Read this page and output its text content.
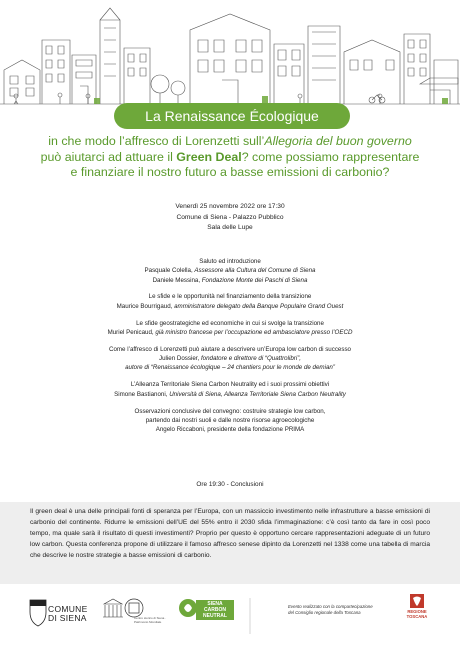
La Renaissance Écologique
in che modo l’affresco di Lorenzetti sull’Allegoria del buon governo
può aiutarci ad attuare il Green Deal? come possiamo rappresentare
e finanziare il nostro futuro a basse emissioni di carbonio?
Venerdì 25 novembre 2022 ore 17:30
Comune di Siena - Palazzo Pubblico
Sala delle Lupe
Saluto ed introduzione
Pasquale Colella, Assessore alla Cultura del Comune di Siena
Daniele Messina, Fondazione Monte dei Paschi di Siena
Le sfide e le opportunità nel finanziamento della transizione
Maurice Bourrigaud, amministratore delegato della Banque Populaire Grand Ouest
Le sfide geostrategiche ed economiche in cui si svolge la transizione
Muriel Penicaud, già ministro francese per l’occupazione ed ambasciatore presso l’OECD
Come l’affresco di Lorenzetti può aiutare a descrivere un’Europa low carbon di successo
Julien Dossier, fondatore e direttore di “Quattrolibri”,
autore di “Renaissance écologique – 24 chantiers pour le monde de demian”
L’Alleanza Territoriale Siena Carbon Neutrality ed i suoi prossimi obiettivi
Simone Bastianoni, Università di Siena, Alleanza Territoriale Siena Carbon Neutrality
Osservazioni conclusive del convegno: costruire strategie low carbon,
partendo dai nostri suoli e dalle nostre risorse agroecologiche
Angelo Riccaboni, presidente della fondazione PRIMA
Ore 19:30 - Conclusioni

Il green deal è una delle principali fonti di speranza per l’Europa, con un massiccio investimento nelle infrastrutture a basse emissioni di carbonio del continente. Ridurre le emissioni dell’UE del 55% entro il 2030 sfida l’immaginazione: c’è così tanto da fare in così poco tempo, ma quale sarà il risultato di questi investimenti? Proprio per questo è opportuno cercare rappresentazioni adeguate di un futuro low carbon. Questa conferenza propone di utilizzare il famoso affresco senese dipinto da Lorenzetti nel 1338 come una tabella di marcia che descrive le nostre strategie a basse emissioni di carbonio.

COMUNE
DI SIENA	Centro storico di Siena · Patrimonio Mondiale
SIENA
CARBON
NEUTRAL
Evento realizzato con la compartecipazione
del Consiglio regionale della Toscana	REGIONE
TOSCANA
